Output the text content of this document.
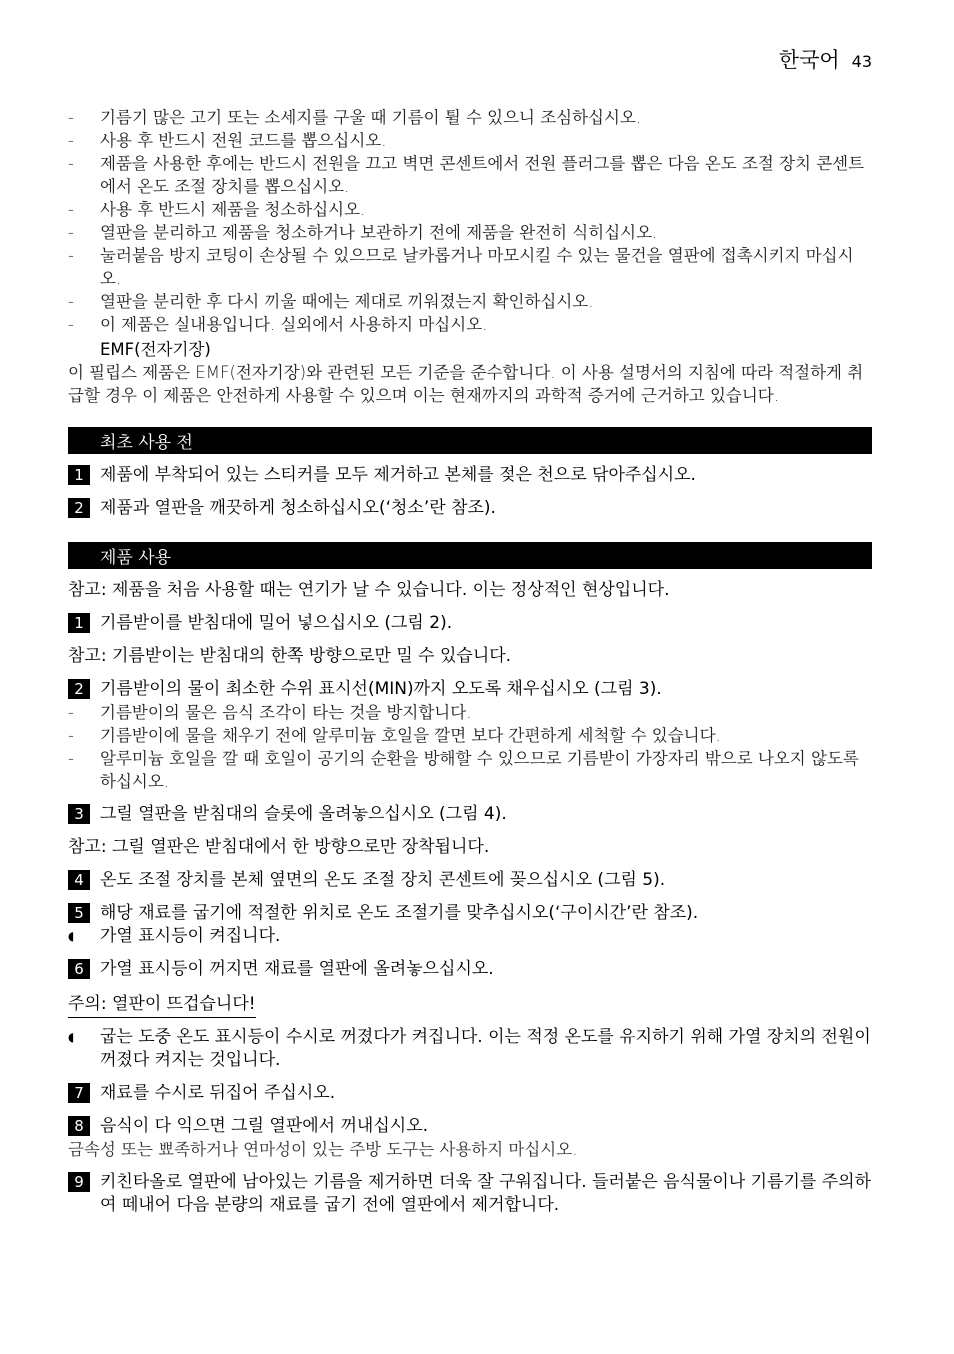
한국어 43
-	기름기 많은 고기 또는 소세지를 구울 때 기름이 튈 수 있으니 조심하십시오.
-	사용 후 반드시 전원 코드를 뽑으십시오.
-	제품을 사용한 후에는 반드시 전원을 끄고 벽면 콘센트에서 전원 플러그를 뽑은 다음 온도 조절 장치 콘센트에서 온도 조절 장치를 뽑으십시오.
-	사용 후 반드시 제품을 청소하십시오.
-	열판을 분리하고 제품을 청소하거나 보관하기 전에 제품을 완전히 식히십시오.
-	눌러붙음 방지 코팅이 손상될 수 있으므로 날카롭거나 마모시킬 수 있는 물건을 열판에 접촉시키지 마십시오.
-	열판을 분리한 후 다시 끼울 때에는 제대로 끼워졌는지 확인하십시오.
-	이 제품은 실내용입니다. 실외에서 사용하지 마십시오.
EMF(전자기장)
이 필립스 제품은 EMF(전자기장)와 관련된 모든 기준을 준수합니다. 이 사용 설명서의 지침에 따라 적절하게 취급할 경우 이 제품은 안전하게 사용할 수 있으며 이는 현재까지의 과학적 증거에 근거하고 있습니다.
최초 사용 전
1 제품에 부착되어 있는 스티커를 모두 제거하고 본체를 젖은 천으로 닦아주십시오.
2 제품과 열판을 깨끗하게 청소하십시오(‘청소’란 참조).
제품 사용
참고: 제품을 처음 사용할 때는 연기가 날 수 있습니다. 이는 정상적인 현상입니다.
1 기름받이를 받침대에 밀어 넣으십시오 (그림 2).
참고: 기름받이는 받침대의 한쪽 방향으로만 밀 수 있습니다.
2 기름받이의 물이 최소한 수위 표시선(MIN)까지 오도록 채우십시오 (그림 3).
-	기름받이의 물은 음식 조각이 타는 것을 방지합니다.
-	기름받이에 물을 채우기 전에 알루미늄 호일을 깔면 보다 간편하게 세척할 수 있습니다.
-	알루미늄 호일을 깔 때 호일이 공기의 순환을 방해할 수 있으므로 기름받이 가장자리 밖으로 나오지 않도록 하십시오.
3 그릴 열판을 받침대의 슬롯에 올려놓으십시오 (그림 4).
참고: 그릴 열판은 받침대에서 한 방향으로만 장착됩니다.
4 온도 조절 장치를 본체 옆면의 온도 조절 장치 콘센트에 꽂으십시오 (그림 5).
5 해당 재료를 굽기에 적절한 위치로 온도 조절기를 맞추십시오(‘구이시간’란 참조).
◖	가열 표시등이 켜집니다.
6 가열 표시등이 꺼지면 재료를 열판에 올려놓으십시오.
주의: 열판이 뜨겁습니다!
◖	굽는 도중 온도 표시등이 수시로 꺼졌다가 켜집니다. 이는 적정 온도를 유지하기 위해 가열 장치의 전원이 꺼졌다 켜지는 것입니다.
7 재료를 수시로 뒤집어 주십시오.
8 음식이 다 익으면 그릴 열판에서 꺼내십시오.
금속성 또는 뾰족하거나 연마성이 있는 주방 도구는 사용하지 마십시오.
9 키친타올로 열판에 남아있는 기름을 제거하면 더욱 잘 구워집니다. 들러붙은 음식물이나 기름기를 주의하여 떼내어 다음 분량의 재료를 굽기 전에 열판에서 제거합니다.
